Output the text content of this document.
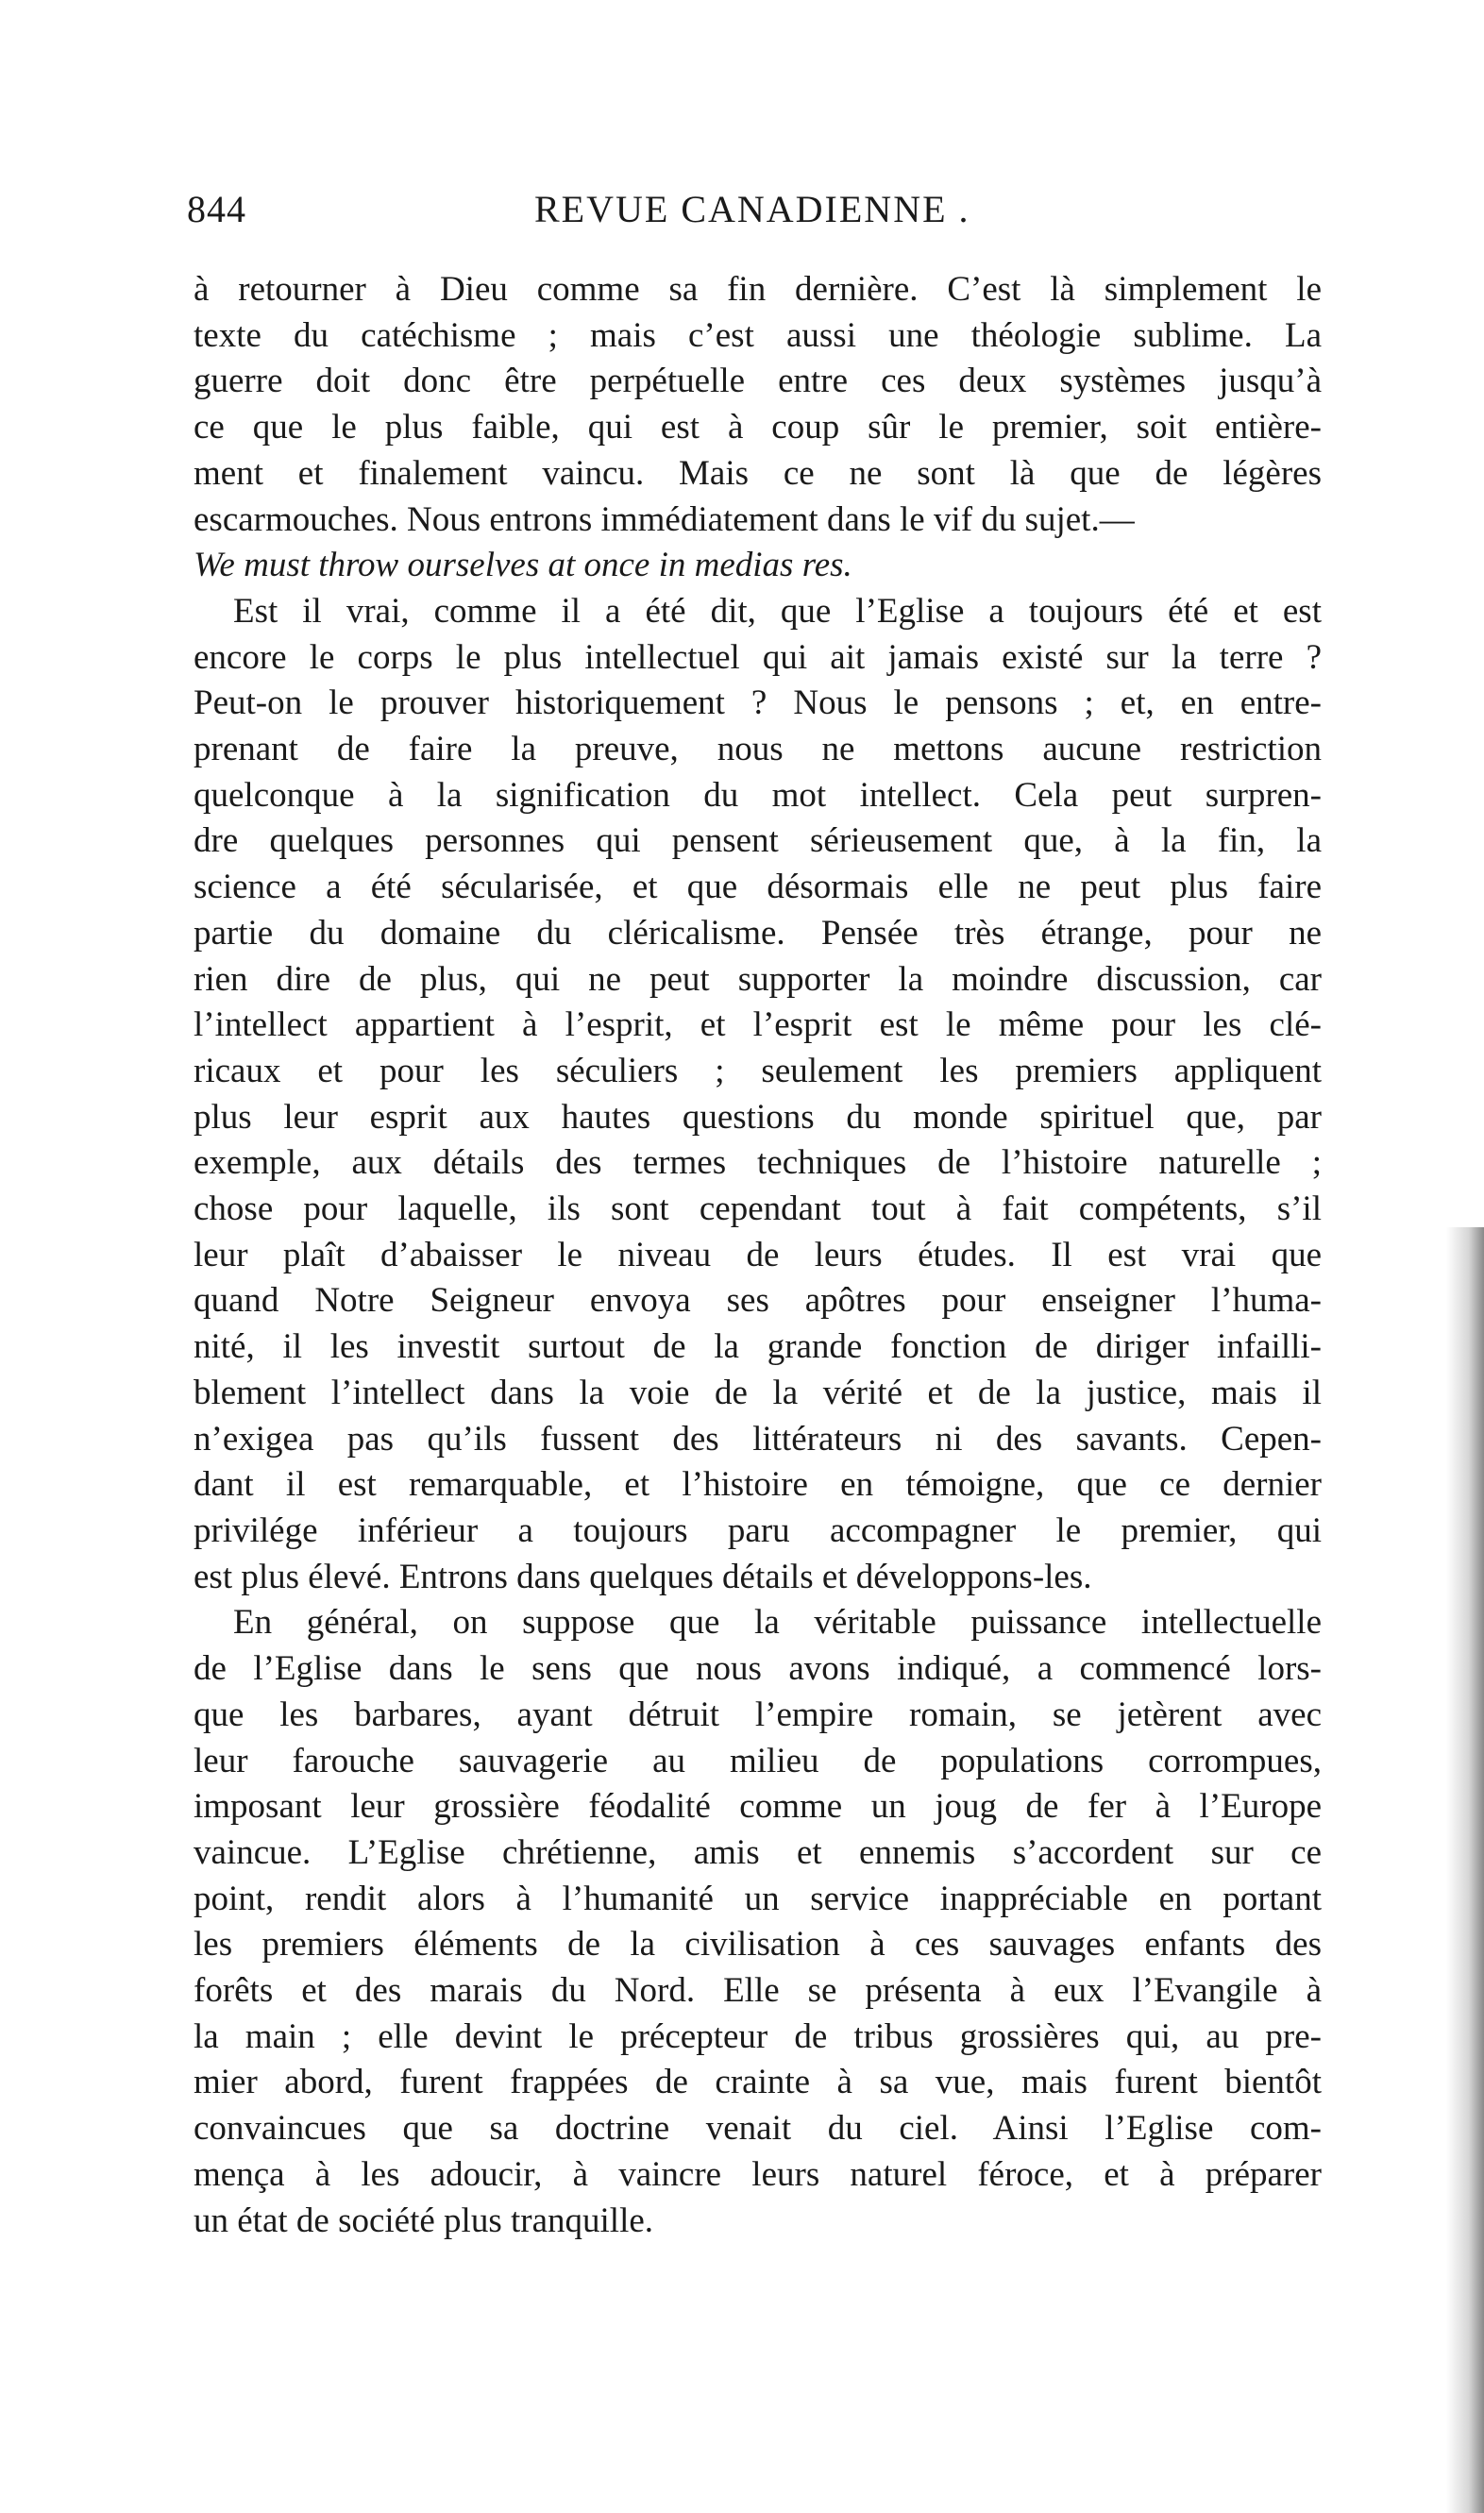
844	REVUE CANADIENNE .

à retourner à Dieu comme sa fin dernière. C’est là simplement le
texte du catéchisme ; mais c’est aussi une théologie sublime. La
guerre doit donc être perpétuelle entre ces deux systèmes jusqu’à
ce que le plus faible, qui est à coup sûr le premier, soit entière-
ment et finalement vaincu. Mais ce ne sont là que de légères
escarmouches. Nous entrons immédiatement dans le vif du sujet.—

We must throw ourselves at once in medias res.

Est il vrai, comme il a été dit, que l’Eglise a toujours été et est
encore le corps le plus intellectuel qui ait jamais existé sur la terre ?
Peut-on le prouver historiquement ? Nous le pensons ; et, en entre-
prenant de faire la preuve, nous ne mettons aucune restriction
quelconque à la signification du mot intellect. Cela peut surpren-
dre quelques personnes qui pensent sérieusement que, à la fin, la
science a été sécularisée, et que désormais elle ne peut plus faire
partie du domaine du cléricalisme. Pensée très étrange, pour ne
rien dire de plus, qui ne peut supporter la moindre discussion, car
l’intellect appartient à l’esprit, et l’esprit est le même pour les clé-
ricaux et pour les séculiers ; seulement les premiers appliquent
plus leur esprit aux hautes questions du monde spirituel que, par
exemple, aux détails des termes techniques de l’histoire naturelle ;
chose pour laquelle, ils sont cependant tout à fait compétents, s’il
leur plaît d’abaisser le niveau de leurs études. Il est vrai que
quand Notre Seigneur envoya ses apôtres pour enseigner l’huma-
nité, il les investit surtout de la grande fonction de diriger infailli-
blement l’intellect dans la voie de la vérité et de la justice, mais il
n’exigea pas qu’ils fussent des littérateurs ni des savants. Cepen-
dant il est remarquable, et l’histoire en témoigne, que ce dernier
privilége inférieur a toujours paru accompagner le premier, qui
est plus élevé. Entrons dans quelques détails et développons-les.

En général, on suppose que la véritable puissance intellectuelle
de l’Eglise dans le sens que nous avons indiqué, a commencé lors-
que les barbares, ayant détruit l’empire romain, se jetèrent avec
leur farouche sauvagerie au milieu de populations corrompues,
imposant leur grossière féodalité comme un joug de fer à l’Europe
vaincue. L’Eglise chrétienne, amis et ennemis s’accordent sur ce
point, rendit alors à l’humanité un service inappréciable en portant
les premiers éléments de la civilisation à ces sauvages enfants des
forêts et des marais du Nord. Elle se présenta à eux l’Evangile à
la main ; elle devint le précepteur de tribus grossières qui, au pre-
mier abord, furent frappées de crainte à sa vue, mais furent bientôt
convaincues que sa doctrine venait du ciel. Ainsi l’Eglise com-
mença à les adoucir, à vaincre leurs naturel féroce, et à préparer
un état de société plus tranquille.
